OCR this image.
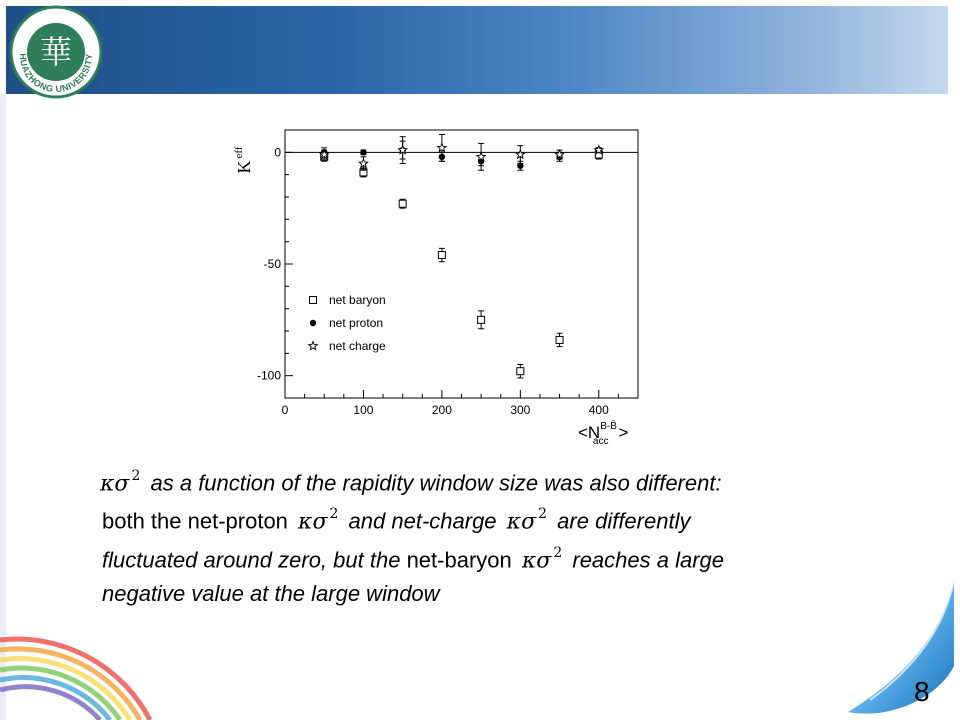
華
HUAZHONG UNIVERSITY
0	100	200	300	400
0
-50
-100
$K^{eff}$
$<N^{B-B̄}$ acc >
net baryon
net proton
net charge
κσ $^2$ as a function of the rapidity window size was also different:
both the net-proton κσ $^2$ and net-charge κσ $^2$ are differently
fluctuated around zero, but the net-baryon κσ $^2$ reaches a large
negative value at the large window
8
